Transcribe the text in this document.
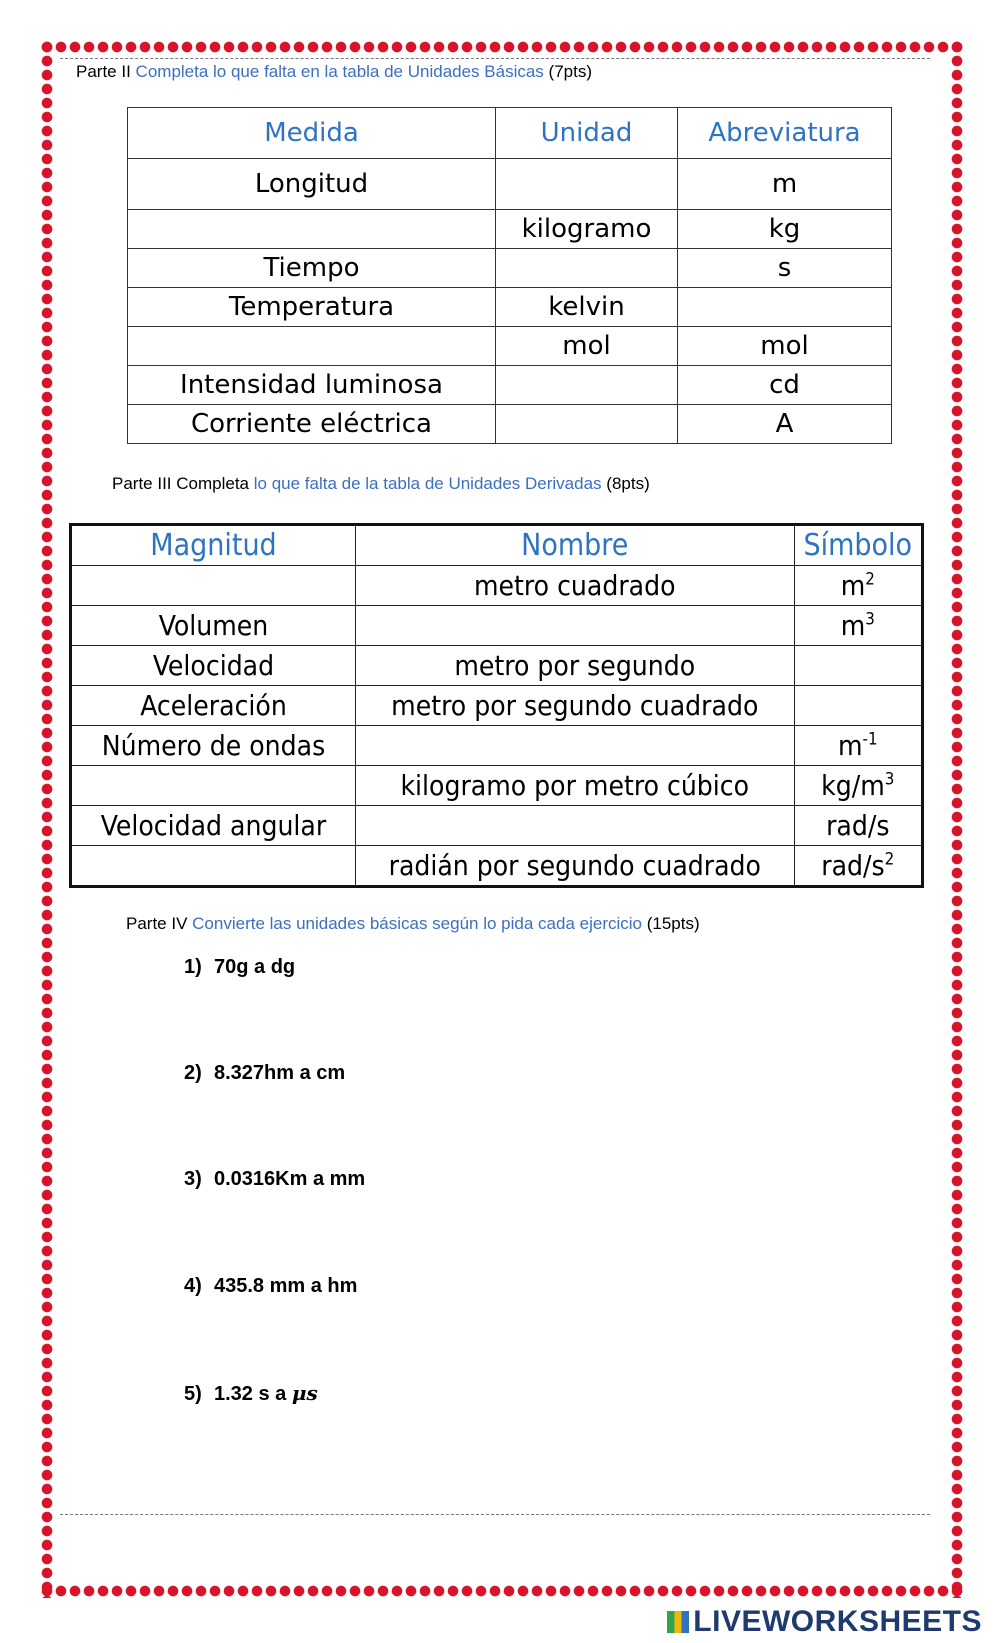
Parte II Completa lo que falta en la tabla de Unidades Básicas (7pts)
Medida	Unidad	Abreviatura
Longitud		m
	kilogramo	kg
Tiempo		s
Temperatura	kelvin	
	mol	mol
Intensidad luminosa		cd
Corriente eléctrica		A
Parte III Completa lo que falta de la tabla de Unidades Derivadas (8pts)
Magnitud	Nombre	Símbolo
	metro cuadrado	$m^2$
Volumen		$m^3$
Velocidad	metro por segundo	
Aceleración	metro por segundo cuadrado	
Número de ondas		$m^{-1}$
	kilogramo por metro cúbico	$kg/m^3$
Velocidad angular		rad/s
	radián por segundo cuadrado	rad/$s^2$
Parte IV Convierte las unidades básicas según lo pida cada ejercicio (15pts)
1) 70g a dg
2) 8.327hm a cm
3) 0.0316Km a mm
4) 435.8 mm a hm
5) 1.32 s a μs
LIVEWORKSHEETS
